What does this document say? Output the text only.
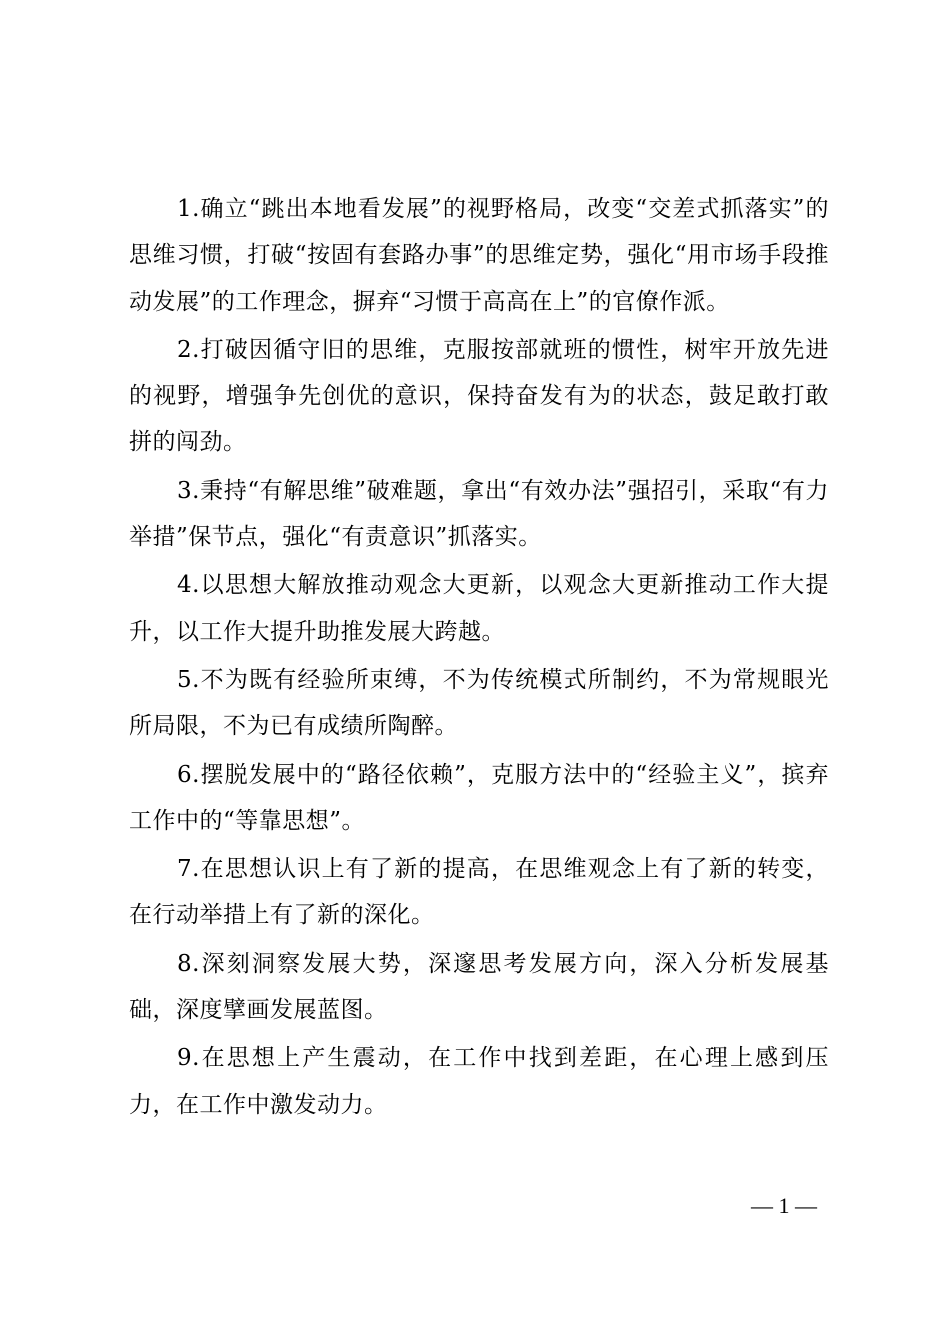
1.确立“跳出本地看发展”的视野格局，改变“交差式抓落实”的思维习惯，打破“按固有套路办事”的思维定势，强化“用市场手段推动发展”的工作理念，摒弃“习惯于高高在上”的官僚作派。

2.打破因循守旧的思维，克服按部就班的惯性，树牢开放先进的视野，增强争先创优的意识，保持奋发有为的状态，鼓足敢打敢拼的闯劲。

3.秉持“有解思维”破难题，拿出“有效办法”强招引，采取“有力举措”保节点，强化“有责意识”抓落实。

4.以思想大解放推动观念大更新，以观念大更新推动工作大提升，以工作大提升助推发展大跨越。

5.不为既有经验所束缚，不为传统模式所制约，不为常规眼光所局限，不为已有成绩所陶醉。

6.摆脱发展中的“路径依赖”，克服方法中的“经验主义”，摈弃工作中的“等靠思想”。

7.在思想认识上有了新的提高，在思维观念上有了新的转变，在行动举措上有了新的深化。

8.深刻洞察发展大势，深邃思考发展方向，深入分析发展基础，深度擘画发展蓝图。

9.在思想上产生震动，在工作中找到差距，在心理上感到压力，在工作中激发动力。

— 1 —
